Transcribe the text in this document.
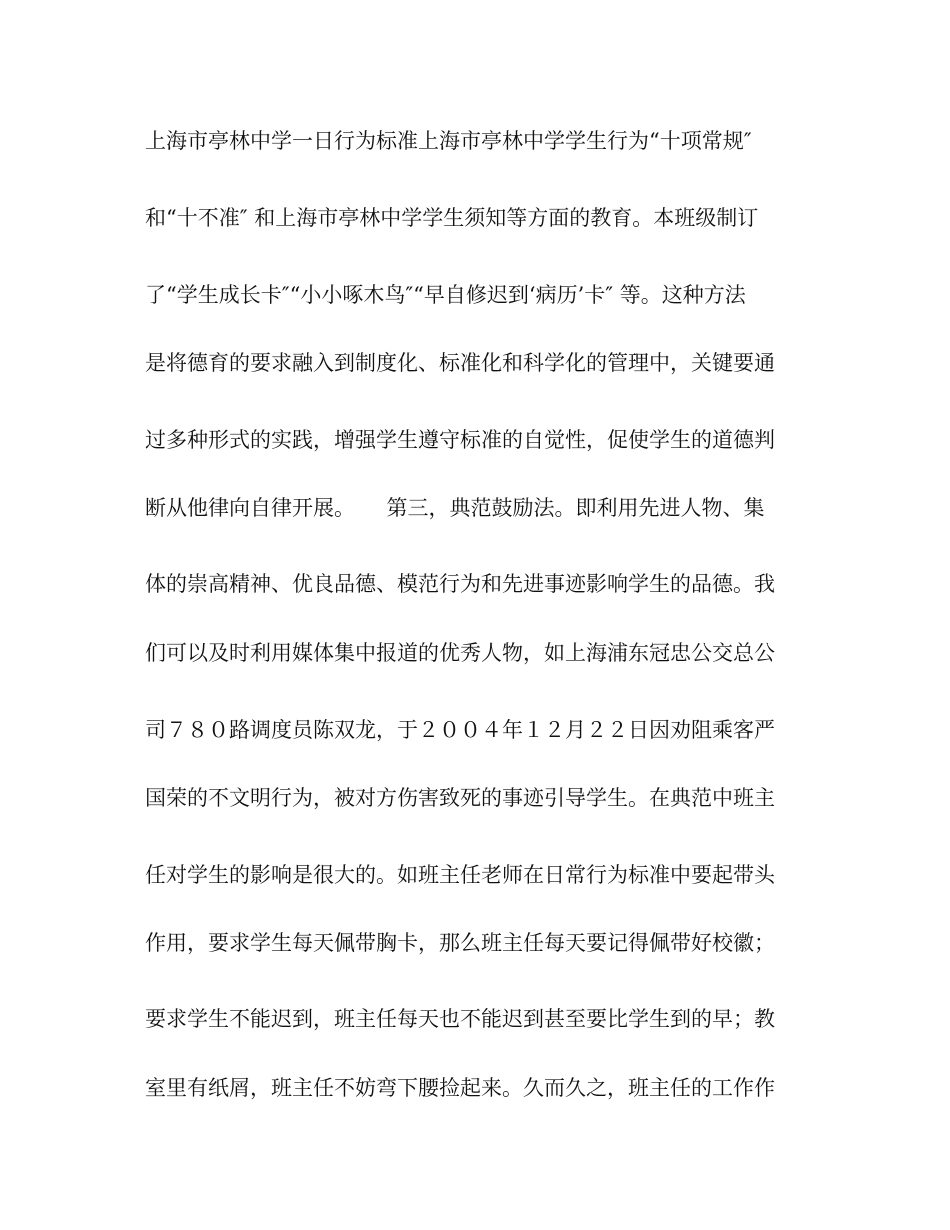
上海市亭林中学一日行为标准上海市亭林中学学生行为“十项常规″
和“十不准″ 和上海市亭林中学学生须知等方面的教育。本班级制订
了“学生成长卡″“小小啄木鸟″“早自修迟到‘病历’卡″ 等。这种方法
是将德育的要求融入到制度化、标准化和科学化的管理中，关键要通
过多种形式的实践，增强学生遵守标准的自觉性，促使学生的道德判
断从他律向自律开展。　　第三，典范鼓励法。即利用先进人物、集
体的崇高精神、优良品德、模范行为和先进事迹影响学生的品德。我
们可以及时利用媒体集中报道的优秀人物，如上海浦东冠忠公交总公
司７８０路调度员陈双龙，于２００４年１２月２２日因劝阻乘客严
国荣的不文明行为，被对方伤害致死的事迹引导学生。在典范中班主
任对学生的影响是很大的。如班主任老师在日常行为标准中要起带头
作用，要求学生每天佩带胸卡，那么班主任每天要记得佩带好校徽；
要求学生不能迟到，班主任每天也不能迟到甚至要比学生到的早；教
室里有纸屑，班主任不妨弯下腰捡起来。久而久之，班主任的工作作
